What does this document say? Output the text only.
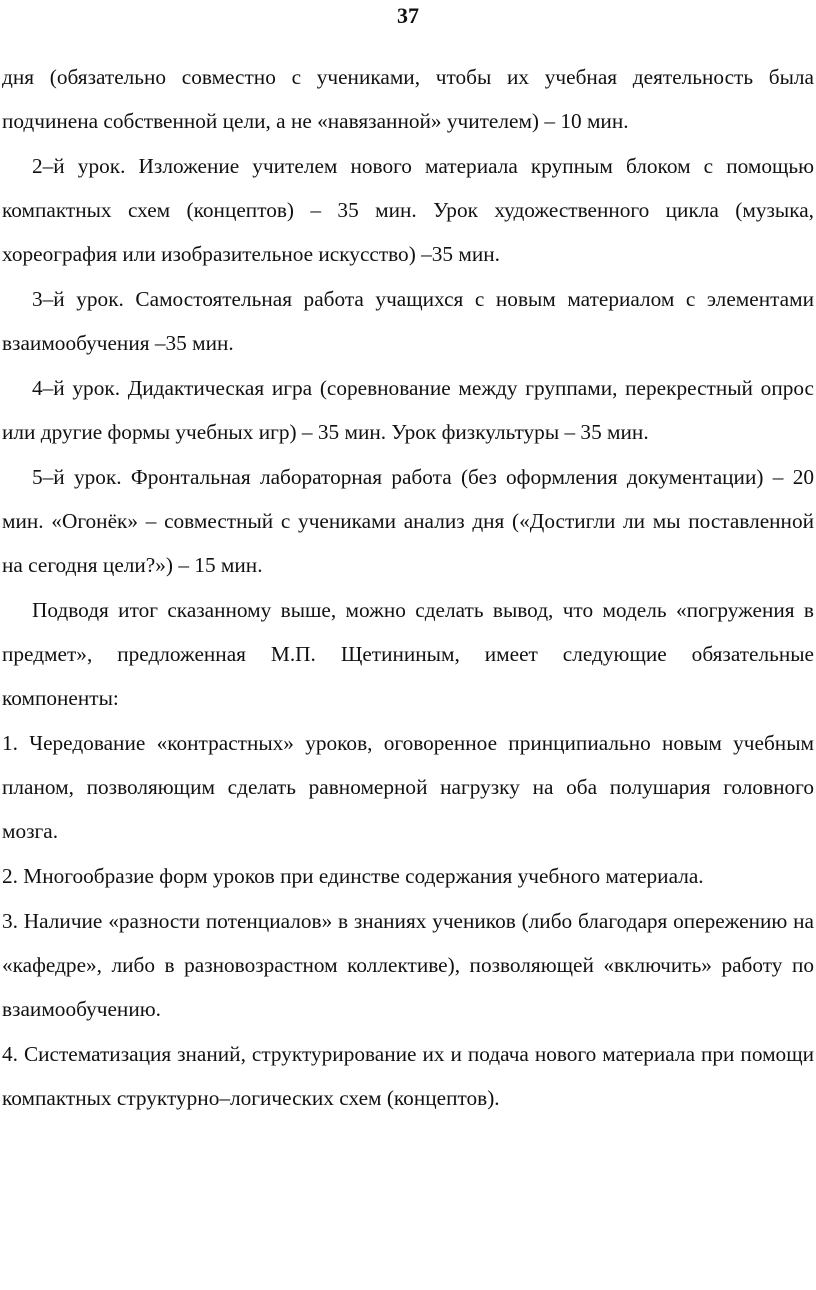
37

дня (обязательно совместно с учениками, чтобы их учебная деятельность была подчинена собственной цели, а не «навязанной» учителем) – 10 мин.

2–й урок. Изложение учителем нового материала крупным блоком с помощью компактных схем (концептов) – 35 мин. Урок художественного цикла (музыка, хореография или изобразительное искусство) –35 мин.

3–й урок. Самостоятельная работа учащихся с новым материалом с элементами взаимообучения –35 мин.

4–й урок. Дидактическая игра (соревнование между группами, перекрестный опрос или другие формы учебных игр) – 35 мин. Урок физкультуры – 35 мин.

5–й урок. Фронтальная лабораторная работа (без оформления документации) – 20 мин. «Огонёк» – совместный с учениками анализ дня («Достигли ли мы поставленной на сегодня цели?») – 15 мин.

Подводя итог сказанному выше, можно сделать вывод, что модель «погружения в предмет», предложенная М.П. Щетининым, имеет следующие обязательные компоненты:

1. Чередование «контрастных» уроков, оговоренное принципиально новым учебным планом, позволяющим сделать равномерной нагрузку на оба полушария головного мозга.

2. Многообразие форм уроков при единстве содержания учебного материала.

3. Наличие «разности потенциалов» в знаниях учеников (либо благодаря опережению на «кафедре», либо в разновозрастном коллективе), позволяющей «включить» работу по взаимообучению.

4. Систематизация знаний, структурирование их и подача нового материала при помощи компактных структурно–логических схем (концептов).
